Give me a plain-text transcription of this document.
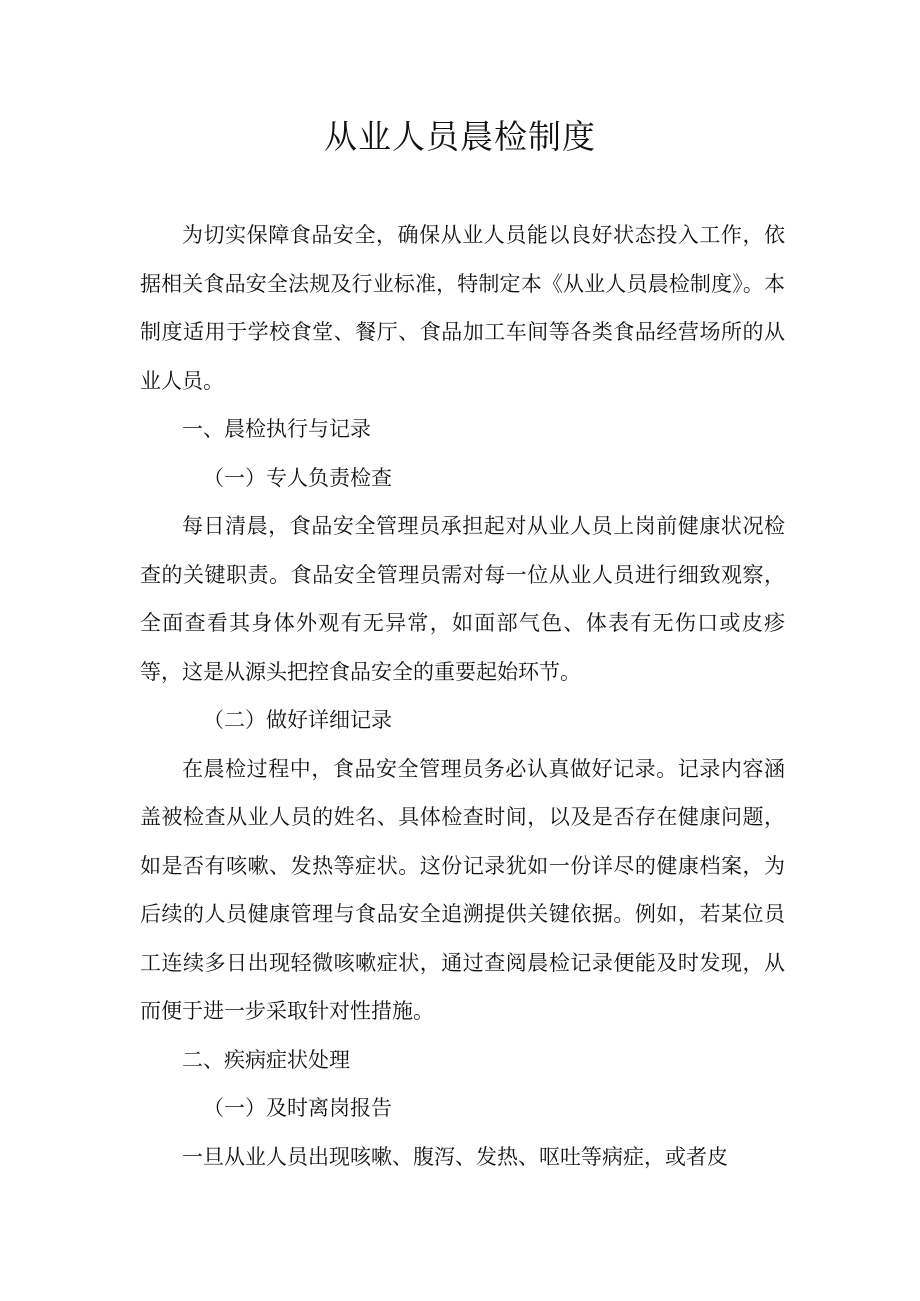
从业人员晨检制度

为切实保障食品安全，确保从业人员能以良好状态投入工作，依据相关食品安全法规及行业标准，特制定本《从业人员晨检制度》。本制度适用于学校食堂、餐厅、食品加工车间等各类食品经营场所的从业人员。

一、晨检执行与记录

（一）专人负责检查

每日清晨，食品安全管理员承担起对从业人员上岗前健康状况检查的关键职责。食品安全管理员需对每一位从业人员进行细致观察，全面查看其身体外观有无异常，如面部气色、体表有无伤口或皮疹等，这是从源头把控食品安全的重要起始环节。

（二）做好详细记录

在晨检过程中，食品安全管理员务必认真做好记录。记录内容涵盖被检查从业人员的姓名、具体检查时间，以及是否存在健康问题，如是否有咳嗽、发热等症状。这份记录犹如一份详尽的健康档案，为后续的人员健康管理与食品安全追溯提供关键依据。例如，若某位员工连续多日出现轻微咳嗽症状，通过查阅晨检记录便能及时发现，从而便于进一步采取针对性措施。

二、疾病症状处理

（一）及时离岗报告

一旦从业人员出现咳嗽、腹泻、发热、呕吐等病症，或者皮
